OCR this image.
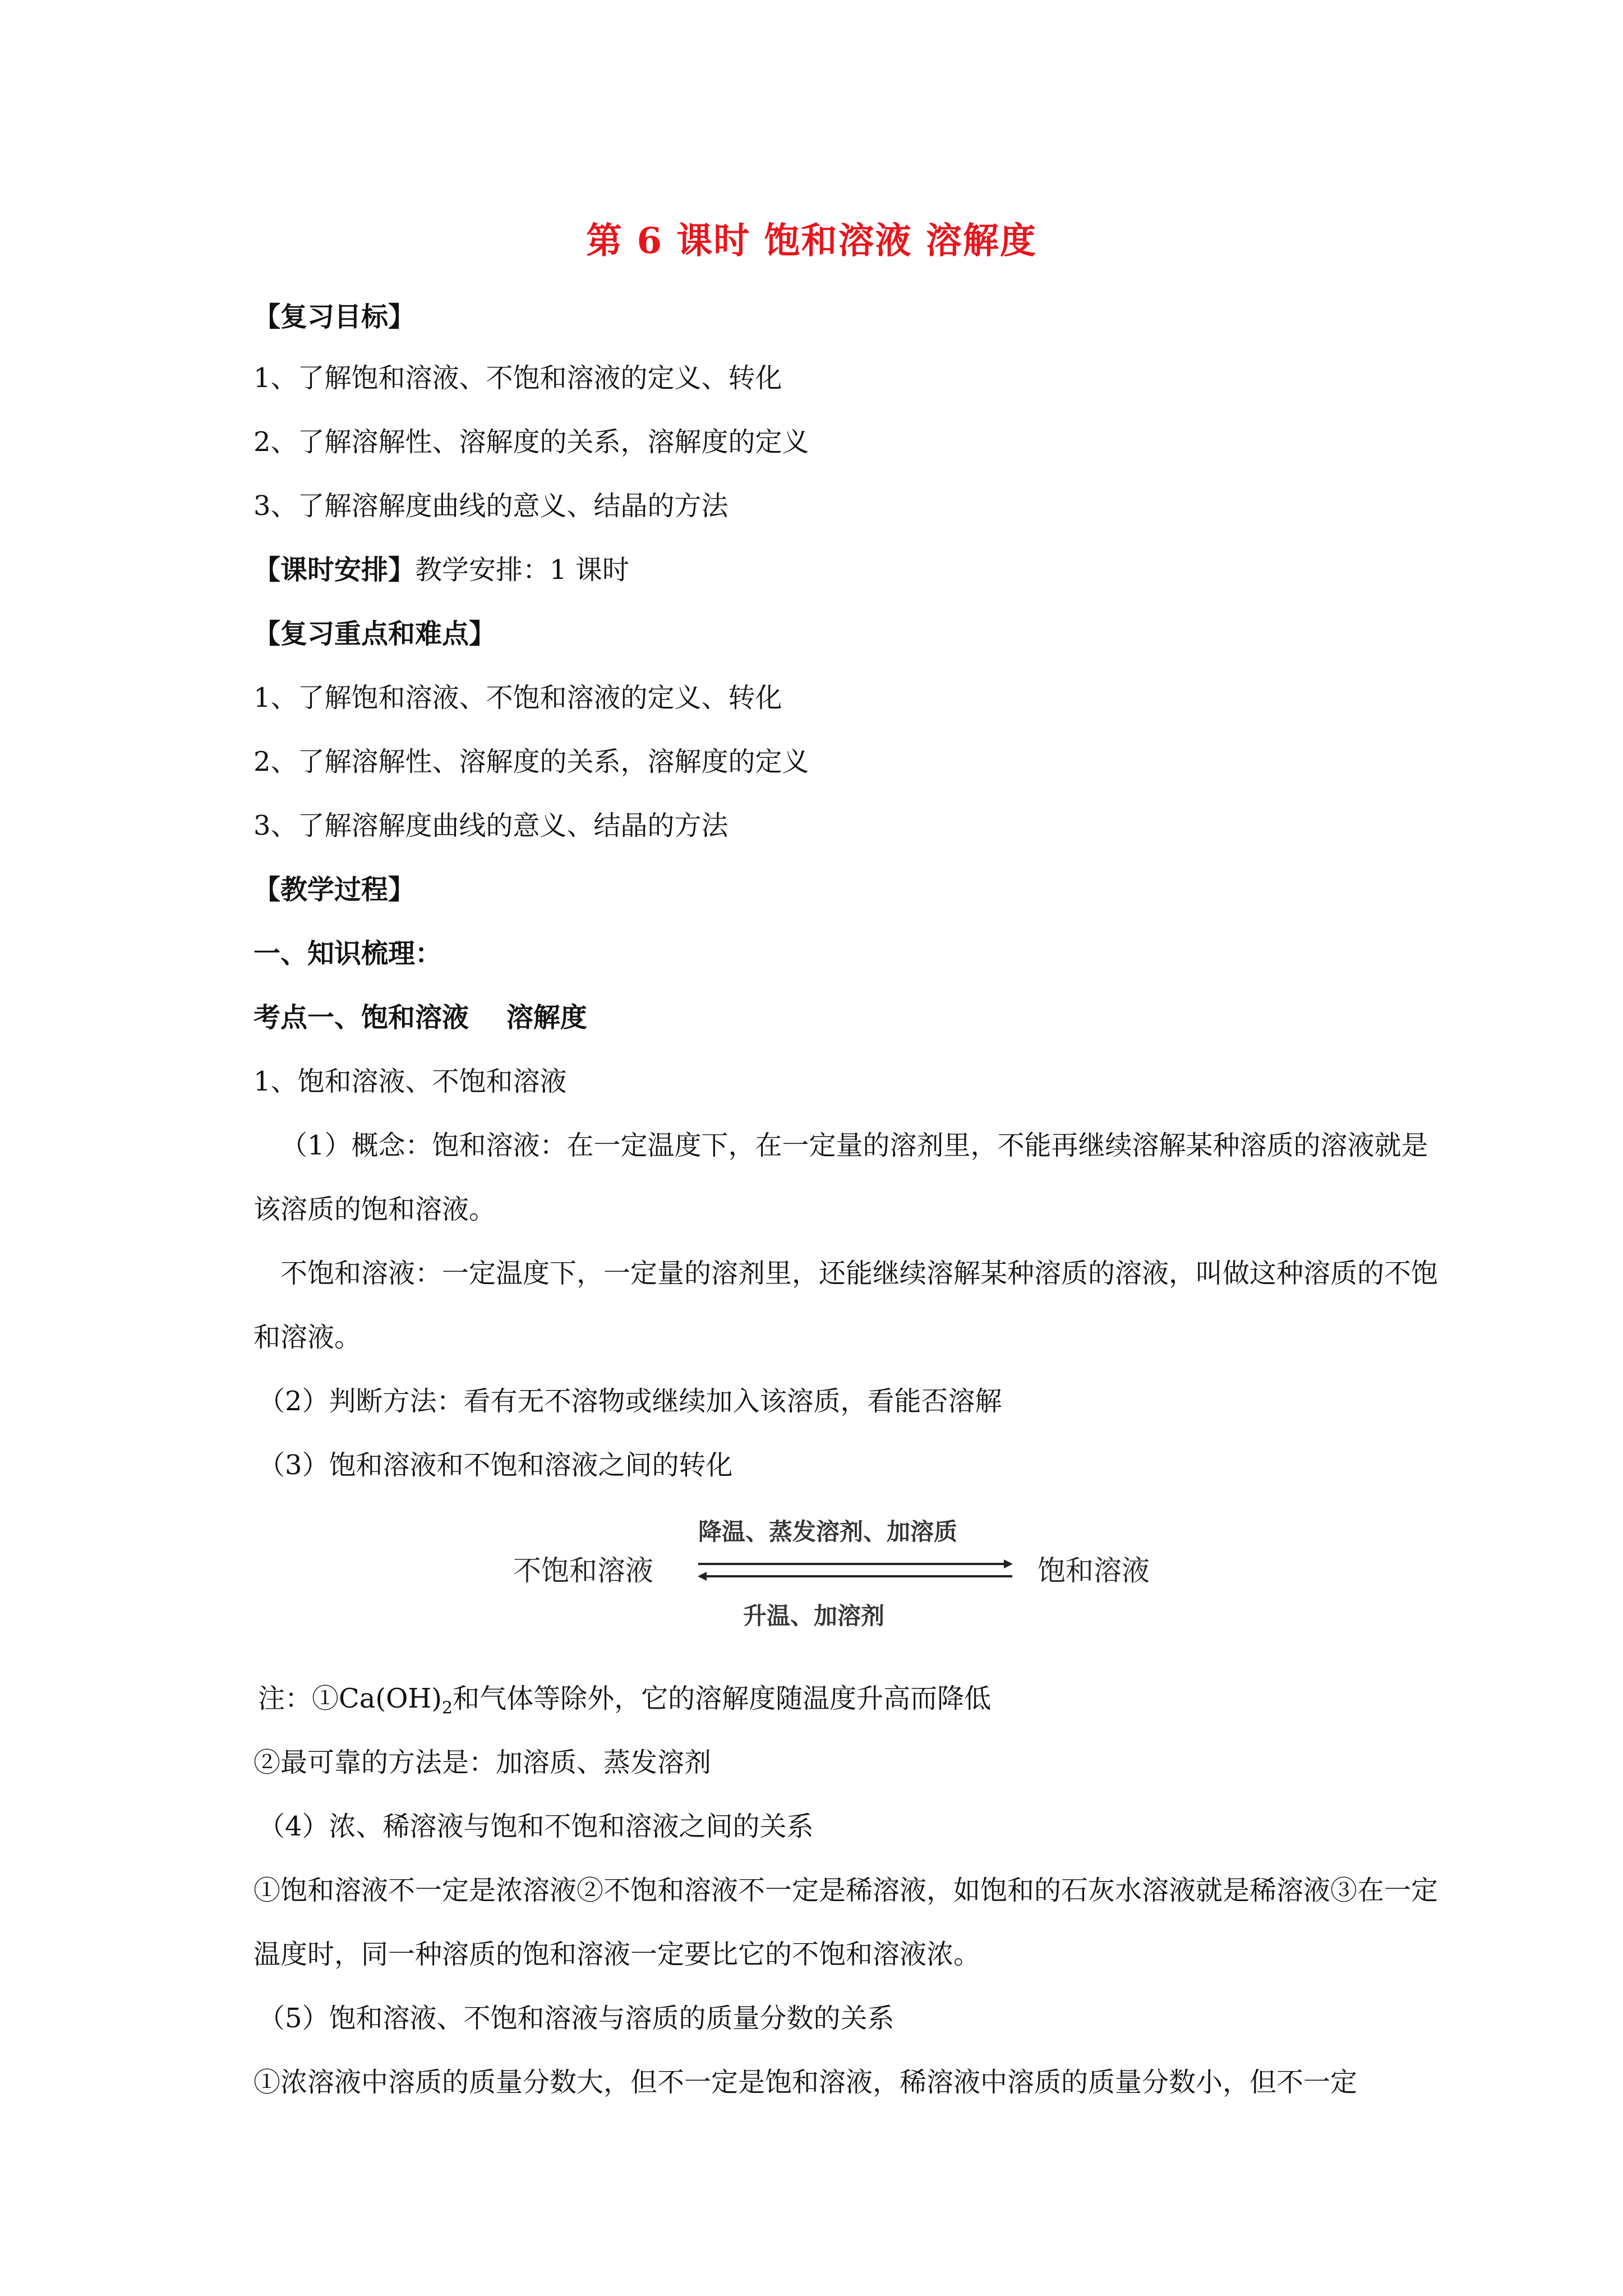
第 6 课时 饱和溶液 溶解度
【复习目标】
1、了解饱和溶液、不饱和溶液的定义、转化
2、了解溶解性、溶解度的关系，溶解度的定义
3、了解溶解度曲线的意义、结晶的方法
【课时安排】教学安排：1 课时
【复习重点和难点】
1、了解饱和溶液、不饱和溶液的定义、转化
2、了解溶解性、溶解度的关系，溶解度的定义
3、了解溶解度曲线的意义、结晶的方法
【教学过程】
一、知识梳理：
考点一、饱和溶液    溶解度
1、饱和溶液、不饱和溶液
（1）概念：饱和溶液：在一定温度下，在一定量的溶剂里，不能再继续溶解某种溶质的溶液就是该溶质的饱和溶液。
不饱和溶液：一定温度下，一定量的溶剂里，还能继续溶解某种溶质的溶液，叫做这种溶质的不饱和溶液。
（2）判断方法：看有无不溶物或继续加入该溶质，看能否溶解
（3）饱和溶液和不饱和溶液之间的转化
不饱和溶液	饱和溶液
降温、蒸发溶剂、加溶质
升温、加溶剂
注：$①Ca(OH)_2$和气体等除外，它的溶解度随温度升高而降低
②最可靠的方法是：加溶质、蒸发溶剂
（4）浓、稀溶液与饱和不饱和溶液之间的关系
①饱和溶液不一定是浓溶液②不饱和溶液不一定是稀溶液，如饱和的石灰水溶液就是稀溶液③在一定温度时，同一种溶质的饱和溶液一定要比它的不饱和溶液浓。
（5）饱和溶液、不饱和溶液与溶质的质量分数的关系
①浓溶液中溶质的质量分数大，但不一定是饱和溶液，稀溶液中溶质的质量分数小，但不一定
